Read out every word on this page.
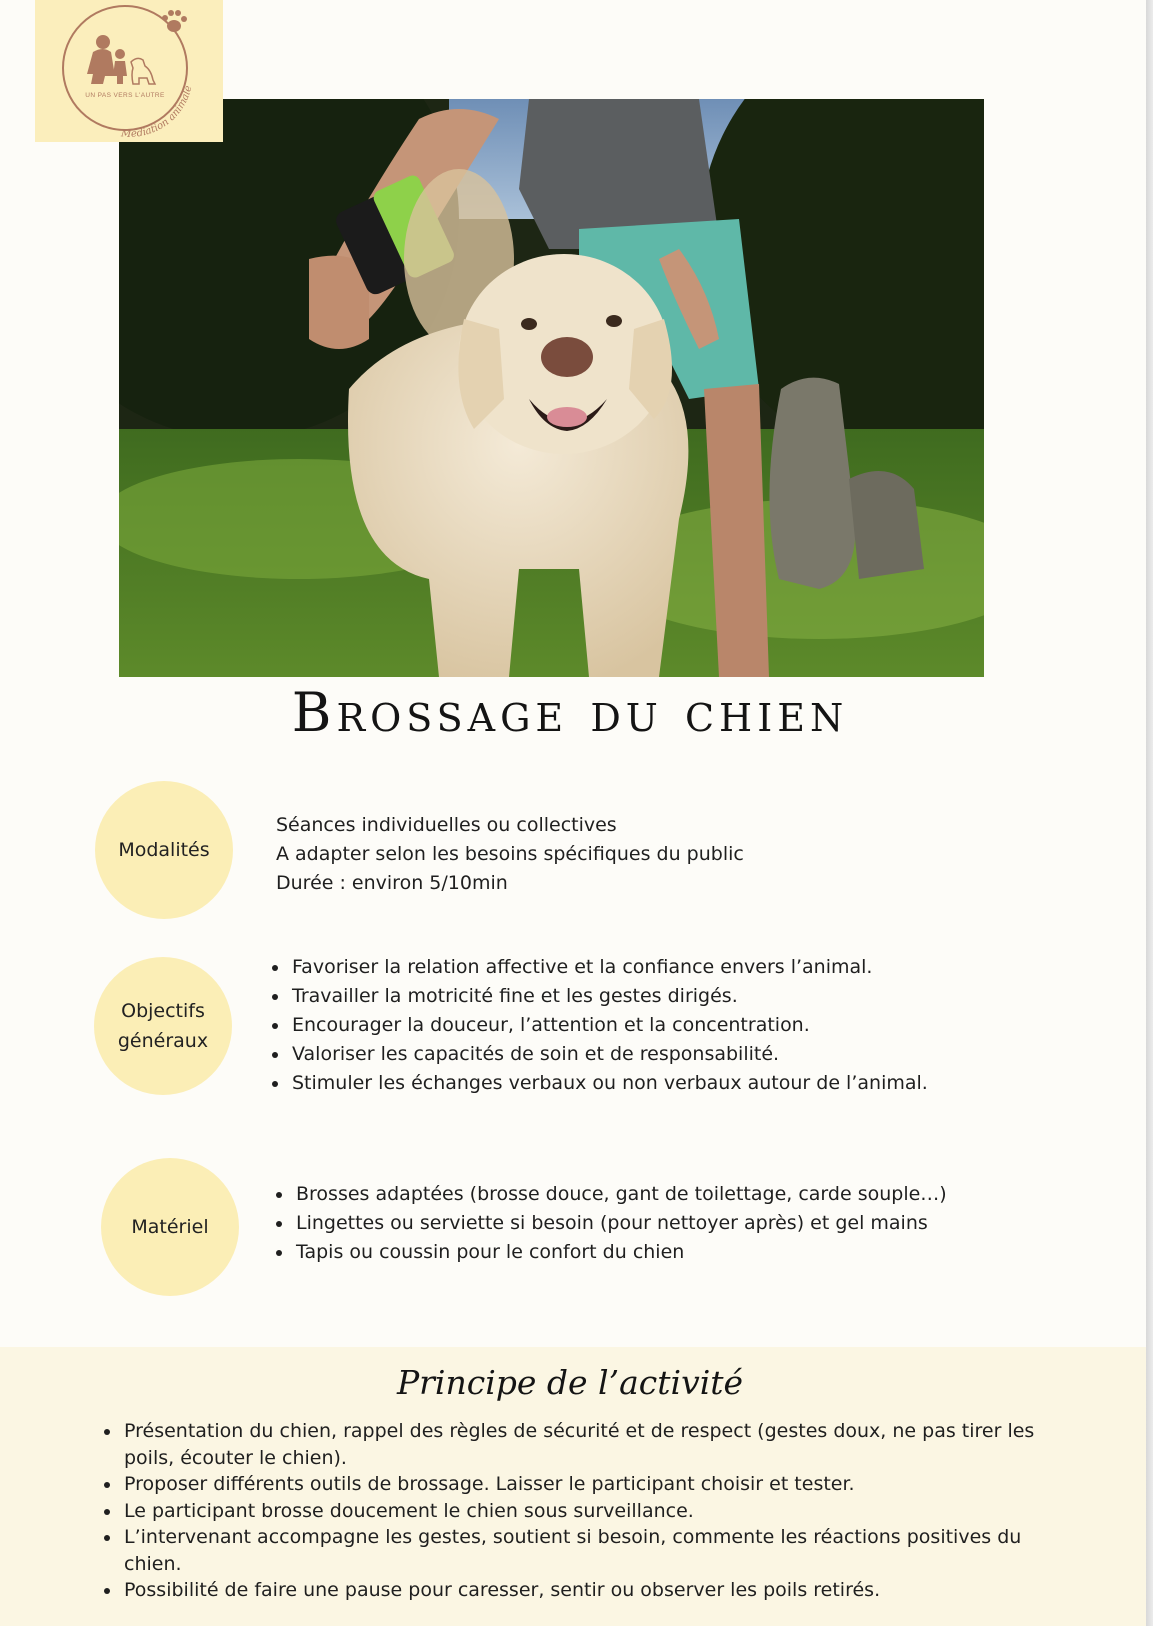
UN PAS VERS L'AUTRE
Médiation animale
Brossage du chien
Modalités
Séances individuelles ou collectives
A adapter selon les besoins spécifiques du public
Durée : environ 5/10min
Objectifs
généraux
• Favoriser la relation affective et la confiance envers l’animal.
• Travailler la motricité fine et les gestes dirigés.
• Encourager la douceur, l’attention et la concentration.
• Valoriser les capacités de soin et de responsabilité.
• Stimuler les échanges verbaux ou non verbaux autour de l’animal.
Matériel
• Brosses adaptées (brosse douce, gant de toilettage, carde souple…)
• Lingettes ou serviette si besoin (pour nettoyer après) et gel mains
• Tapis ou coussin pour le confort du chien
Principe de l’activité
• Présentation du chien, rappel des règles de sécurité et de respect (gestes doux, ne pas tirer les poils, écouter le chien).
• Proposer différents outils de brossage. Laisser le participant choisir et tester.
• Le participant brosse doucement le chien sous surveillance.
• L’intervenant accompagne les gestes, soutient si besoin, commente les réactions positives du chien.
• Possibilité de faire une pause pour caresser, sentir ou observer les poils retirés.
